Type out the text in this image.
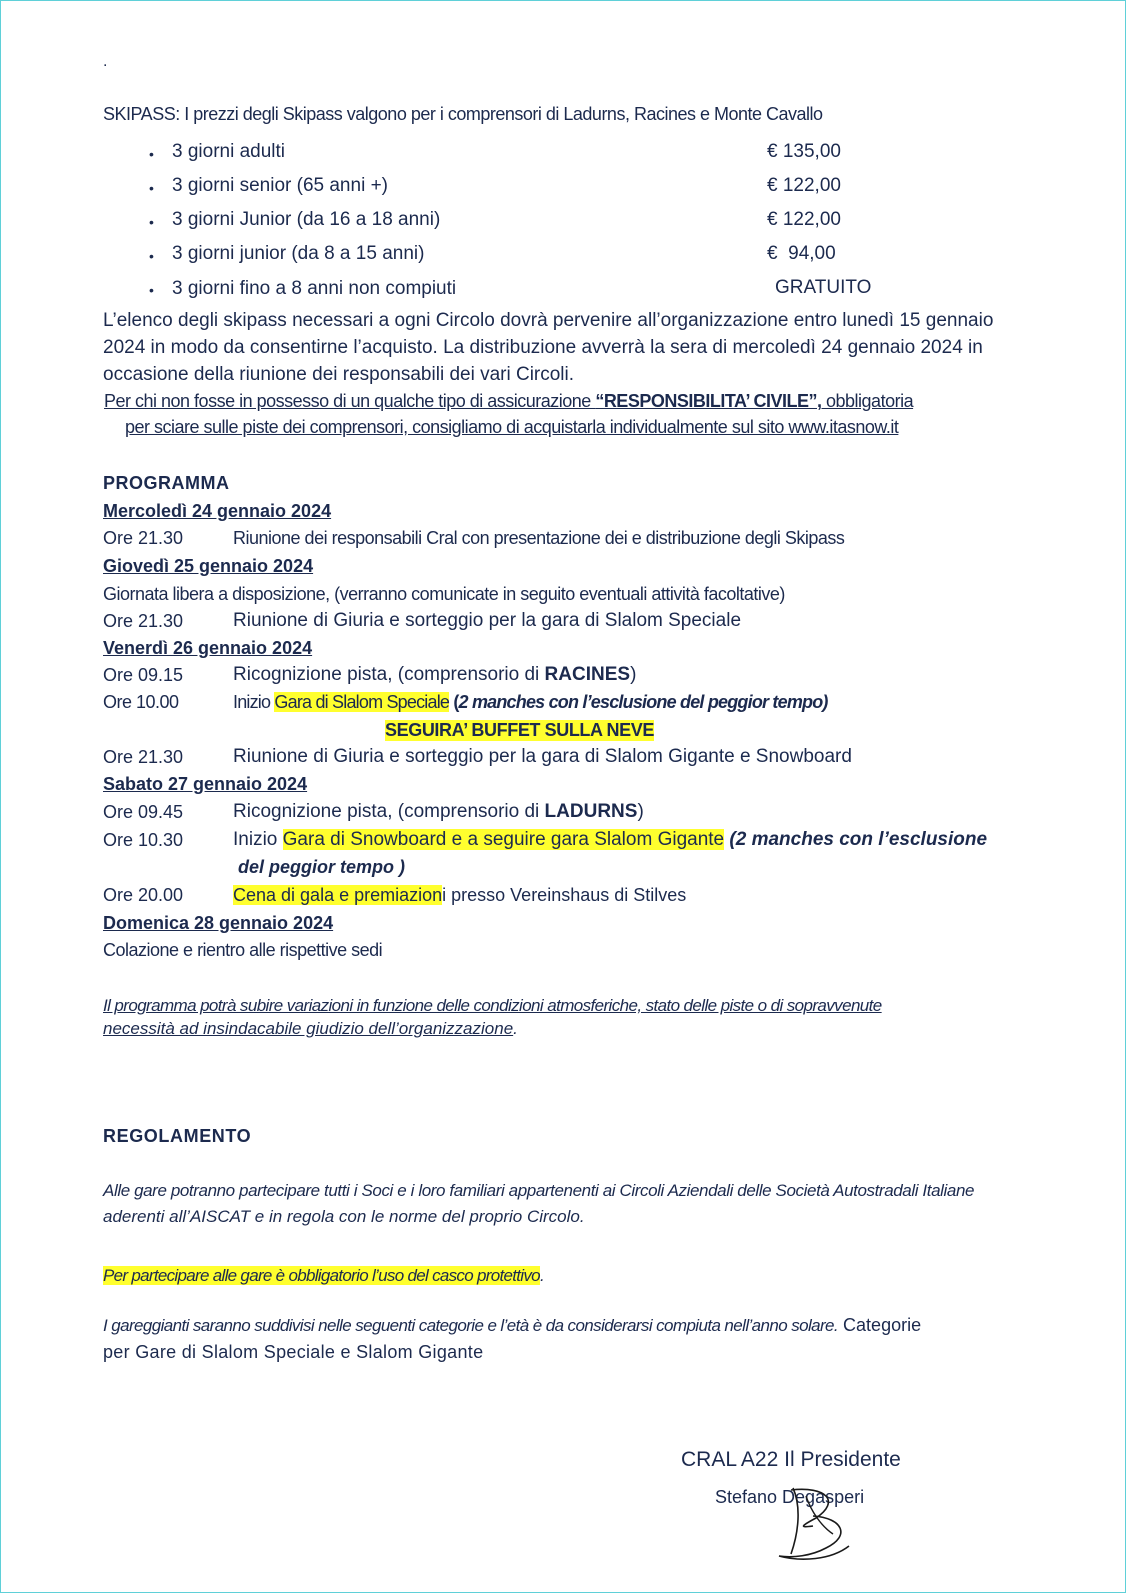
.
SKIPASS: I prezzi degli Skipass valgono per i comprensori di Ladurns, Racines e Monte Cavallo
• 3 giorni adulti	€ 135,00
• 3 giorni senior (65 anni +)	€ 122,00
• 3 giorni Junior (da 16 a 18 anni)	€ 122,00
• 3 giorni junior (da 8 a 15 anni)	€  94,00
• 3 giorni fino a 8 anni non compiuti	GRATUITO
L’elenco degli skipass necessari a ogni Circolo dovrà pervenire all’organizzazione entro lunedì 15 gennaio
2024 in modo da consentirne l’acquisto. La distribuzione avverrà la sera di mercoledì 24 gennaio 2024 in
occasione della riunione dei responsabili dei vari Circoli.
Per chi non fosse in possesso di un qualche tipo di assicurazione “RESPONSIBILITA’ CIVILE”, obbligatoria
per sciare sulle piste dei comprensori, consigliamo di acquistarla individualmente sul sito www.itasnow.it
PROGRAMMA
Mercoledì 24 gennaio 2024
Ore 21.30	Riunione dei responsabili Cral con presentazione dei e distribuzione degli Skipass
Giovedì 25 gennaio 2024
Giornata libera a disposizione, (verranno comunicate in seguito eventuali attività facoltative)
Ore 21.30	Riunione di Giuria e sorteggio per la gara di Slalom Speciale
Venerdì 26 gennaio 2024
Ore 09.15	Ricognizione pista, (comprensorio di RACINES)
Ore 10.00	Inizio Gara di Slalom Speciale (2 manches con l’esclusione del peggior tempo)
SEGUIRA’ BUFFET SULLA NEVE
Ore 21.30	Riunione di Giuria e sorteggio per la gara di Slalom Gigante e Snowboard
Sabato 27 gennaio 2024
Ore 09.45	Ricognizione pista, (comprensorio di LADURNS)
Ore 10.30	Inizio Gara di Snowboard e a seguire gara Slalom Gigante (2 manches con l’esclusione
del peggior tempo )
Ore 20.00	Cena di gala e premiazioni presso Vereinshaus di Stilves
Domenica 28 gennaio 2024
Colazione e rientro alle rispettive sedi
Il programma potrà subire variazioni in funzione delle condizioni atmosferiche, stato delle piste o di sopravvenute
necessità ad insindacabile giudizio dell’organizzazione.
REGOLAMENTO
Alle gare potranno partecipare tutti i Soci e i loro familiari appartenenti ai Circoli Aziendali delle Società Autostradali Italiane
aderenti all’AISCAT e in regola con le norme del proprio Circolo.
Per partecipare alle gare è obbligatorio l’uso del casco protettivo.
I gareggianti saranno suddivisi nelle seguenti categorie e l’età è da considerarsi compiuta nell’anno solare. Categorie
per Gare di Slalom Speciale e Slalom Gigante
CRAL A22 Il Presidente
Stefano Degasperi
